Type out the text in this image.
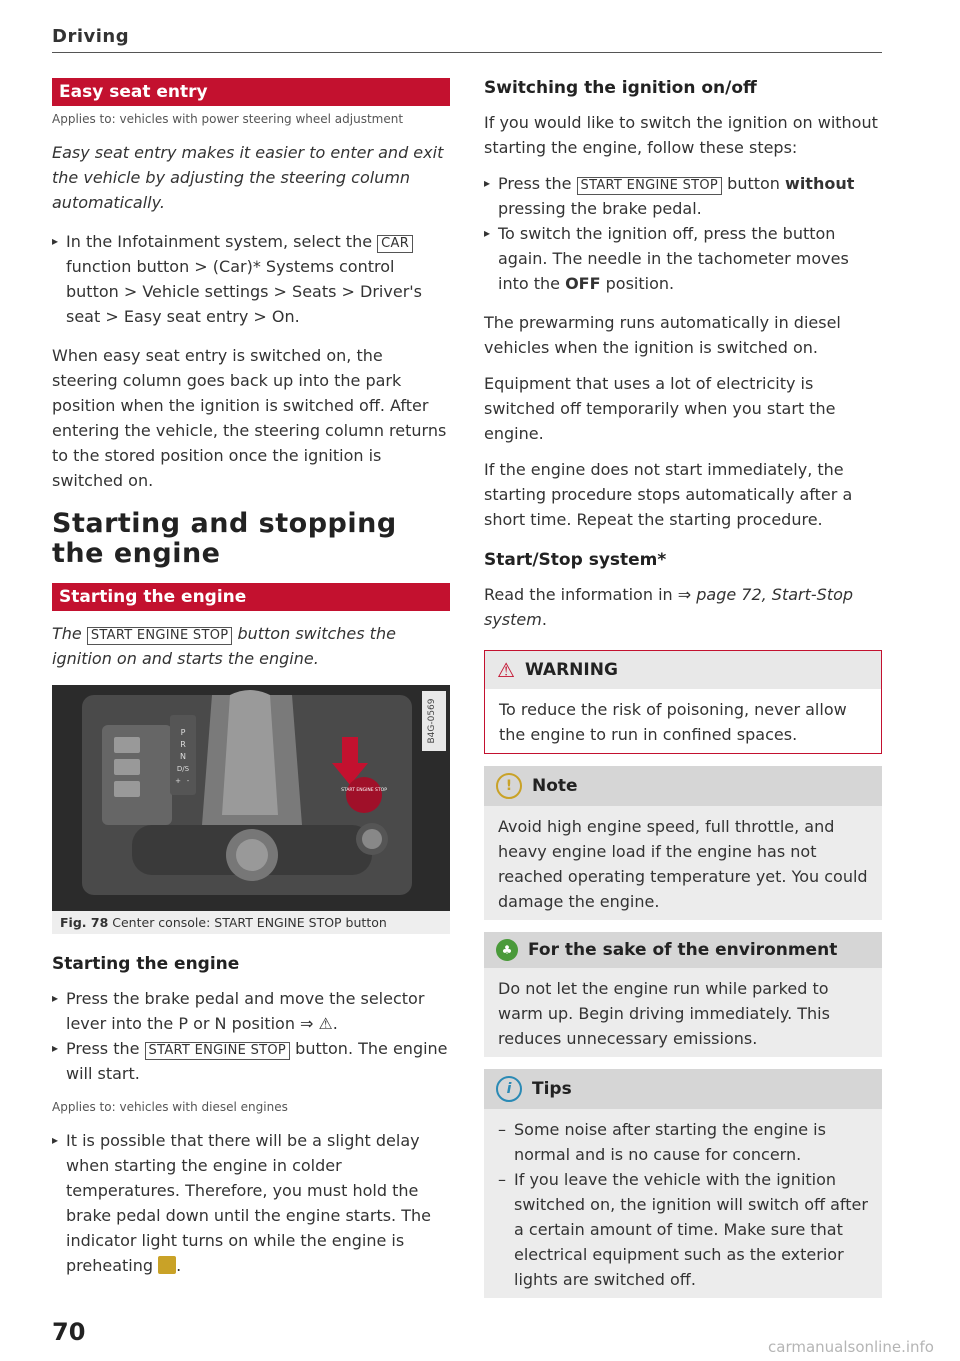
Driving
Easy seat entry
Applies to: vehicles with power steering wheel adjustment
Easy seat entry makes it easier to enter and exit the vehicle by adjusting the steering column automatically.
▸ In the Infotainment system, select the CAR function button > (Car)* Systems control button > Vehicle settings > Seats > Driver's seat > Easy seat entry > On.

When easy seat entry is switched on, the steering column goes back up into the park position when the ignition is switched off. After entering the vehicle, the steering column returns to the stored position once the ignition is switched on.

Starting and stopping the engine
Starting the engine
The START ENGINE STOP button switches the ignition on and starts the engine.
P
R
N
D/S
+ -
START ENGINE STOP
B4G-0569
Fig. 78 Center console: START ENGINE STOP button
Starting the engine
▸ Press the brake pedal and move the selector lever into the P or N position ⇒ ⚠.
▸ Press the START ENGINE STOP button. The engine will start.
Applies to: vehicles with diesel engines
▸ It is possible that there will be a slight delay when starting the engine in colder temperatures. Therefore, you must hold the brake pedal down until the engine starts. The indicator light turns on while the engine is preheating .
Switching the ignition on/off

If you would like to switch the ignition on without starting the engine, follow these steps:

▸ Press the START ENGINE STOP button without pressing the brake pedal.
▸ To switch the ignition off, press the button again. The needle in the tachometer moves into the OFF position.

The prewarming runs automatically in diesel vehicles when the ignition is switched on.

Equipment that uses a lot of electricity is switched off temporarily when you start the engine.

If the engine does not start immediately, the starting procedure stops automatically after a short time. Repeat the starting procedure.

Start/Stop system*

Read the information in ⇒ page 72, Start-Stop system.

⚠ WARNING
To reduce the risk of poisoning, never allow the engine to run in confined spaces.
!	Note
Avoid high engine speed, full throttle, and heavy engine load if the engine has not reached operating temperature yet. You could damage the engine.
♣ For the sake of the environment
Do not let the engine run while parked to warm up. Begin driving immediately. This reduces unnecessary emissions.
i	Tips
– Some noise after starting the engine is normal and is no cause for concern.
– If you leave the vehicle with the ignition switched on, the ignition will switch off after a certain amount of time. Make sure that electrical equipment such as the exterior lights are switched off.
70
carmanualsonline.info
